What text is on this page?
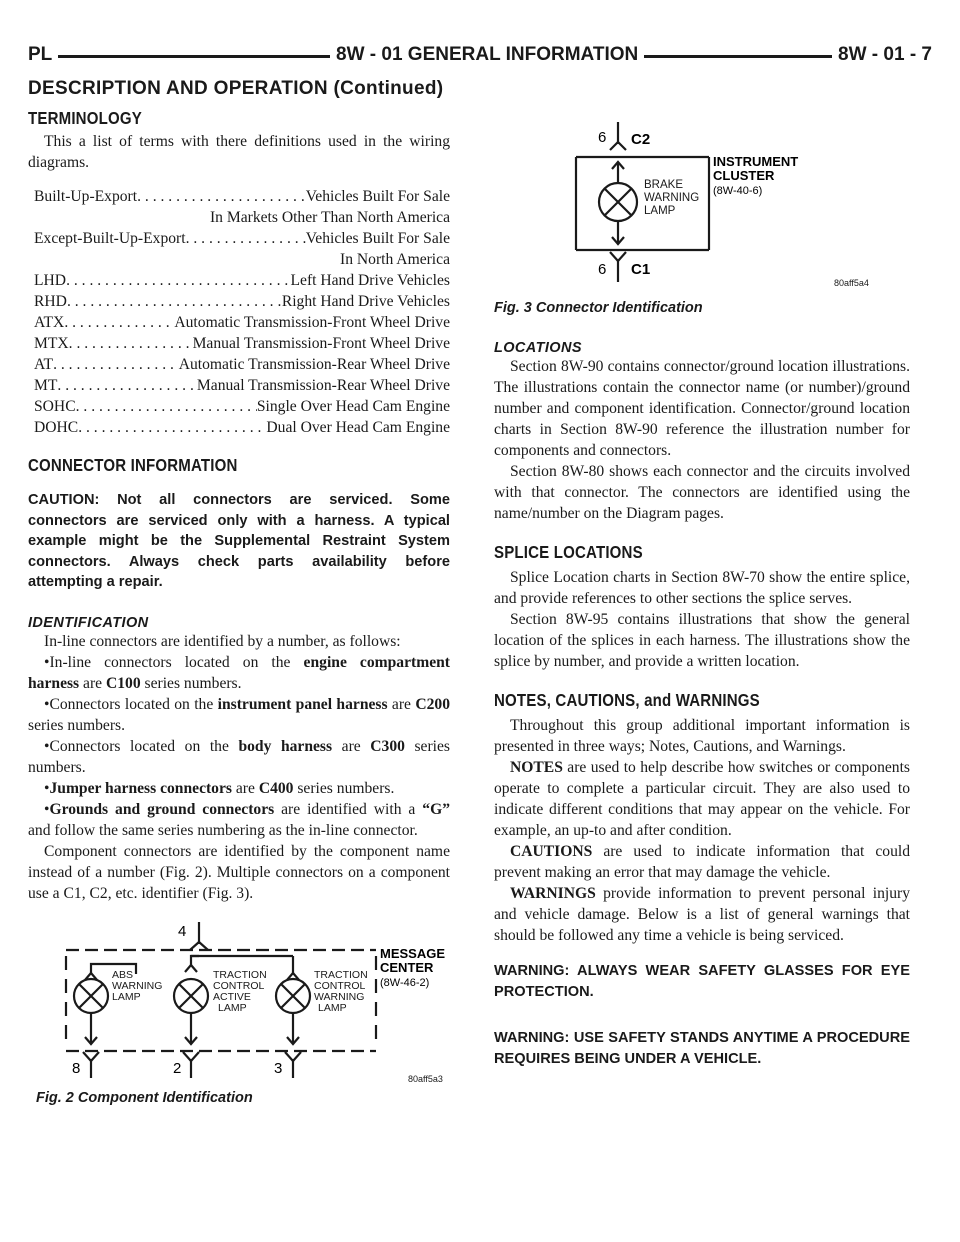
PL	8W - 01 GENERAL INFORMATION	8W - 01 - 7
DESCRIPTION AND OPERATION (Continued)
TERMINOLOGY

This a list of terms with there definitions used in the wiring diagrams.

Built-Up-Export . . .	Vehicles Built For Sale
In Markets Other Than North America
Except-Built-Up-Export . . .	Vehicles Built For Sale
In North America
LHD . . .	Left Hand Drive Vehicles
RHD . . .	Right Hand Drive Vehicles
ATX . . .	Automatic Transmission-Front Wheel Drive
MTX . . .	Manual Transmission-Front Wheel Drive
AT . . .	Automatic Transmission-Rear Wheel Drive
MT . . .	Manual Transmission-Rear Wheel Drive
SOHC . . .	Single Over Head Cam Engine
DOHC . . .	Dual Over Head Cam Engine
CONNECTOR INFORMATION
CAUTION: Not all connectors are serviced. Some connectors are serviced only with a harness. A typical example might be the Supplemental Restraint System connectors. Always check parts availability before attempting a repair.
IDENTIFICATION

In-line connectors are identified by a number, as follows:

•In-line connectors located on the engine compartment harness are C100 series numbers.

•Connectors located on the instrument panel harness are C200 series numbers.

•Connectors located on the body harness are C300 series numbers.

•Jumper harness connectors are C400 series numbers.

•Grounds and ground connectors are identified with a “G” and follow the same series numbering as the in-line connector.

Component connectors are identified by the component name instead of a number (Fig. 2). Multiple connectors on a component use a C1, C2, etc. identifier (Fig. 3).

4
8	2	3
ABS
WARNING
LAMP
TRACTION
CONTROL
ACTIVE
LAMP
TRACTION
CONTROL
WARNING
LAMP
MESSAGE
CENTER
(8W-46-2)
80aff5a3
Fig. 2 Component Identification
6 C2
6 C1
BRAKE
WARNING
LAMP
INSTRUMENT
CLUSTER
(8W-40-6)
80aff5a4
Fig. 3 Connector Identification
LOCATIONS

Section 8W-90 contains connector/ground location illustrations. The illustrations contain the connector name (or number)/ground number and component identification. Connector/ground location charts in Section 8W-90 reference the illustration number for components and connectors.

Section 8W-80 shows each connector and the circuits involved with that connector. The connectors are identified using the name/number on the Diagram pages.

SPLICE LOCATIONS

Splice Location charts in Section 8W-70 show the entire splice, and provide references to other sections the splice serves.

Section 8W-95 contains illustrations that show the general location of the splices in each harness. The illustrations show the splice by number, and provide a written location.

NOTES, CAUTIONS, and WARNINGS

Throughout this group additional important information is presented in three ways; Notes, Cautions, and Warnings.

NOTES are used to help describe how switches or components operate to complete a particular circuit. They are also used to indicate different conditions that may appear on the vehicle. For example, an up-to and after condition.

CAUTIONS are used to indicate information that could prevent making an error that may damage the vehicle.

WARNINGS provide information to prevent personal injury and vehicle damage. Below is a list of general warnings that should be followed any time a vehicle is being serviced.

WARNING: ALWAYS WEAR SAFETY GLASSES FOR EYE PROTECTION.
WARNING: USE SAFETY STANDS ANYTIME A PROCEDURE REQUIRES BEING UNDER A VEHICLE.
